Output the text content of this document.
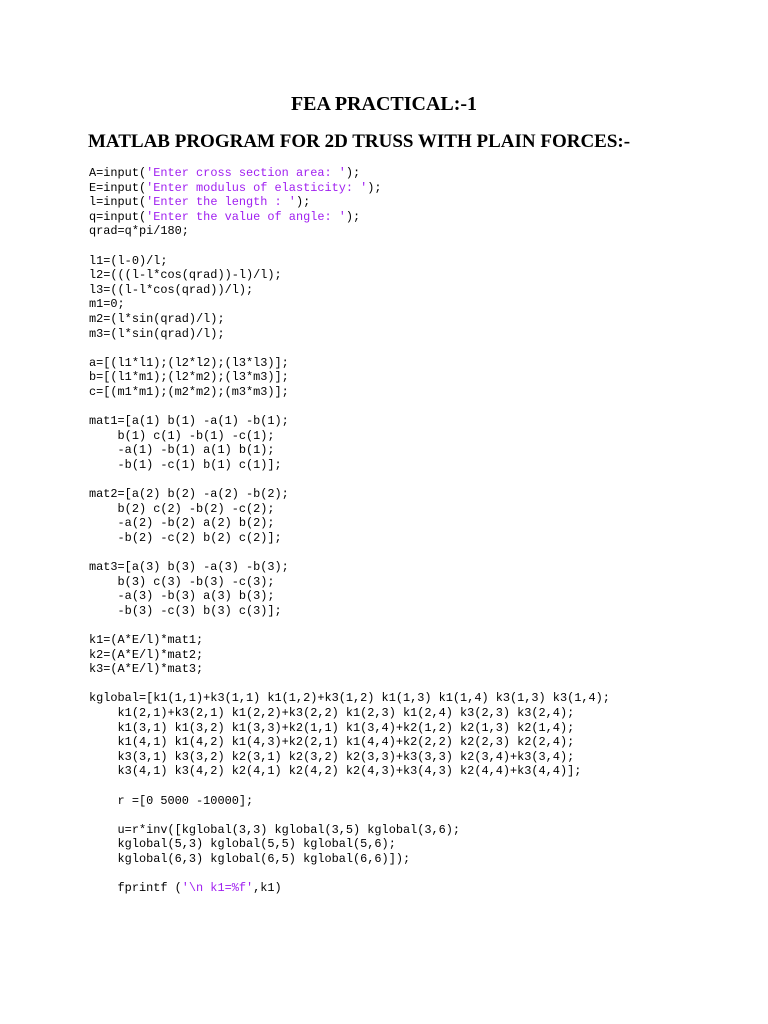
FEA PRACTICAL:-1
MATLAB PROGRAM FOR 2D TRUSS WITH PLAIN FORCES:-
A=input('Enter cross section area: ');
E=input('Enter modulus of elasticity: ');
l=input('Enter the length : ');
q=input('Enter the value of angle: ');
qrad=q*pi/180;
l1=(l-0)/l;
l2=(((l-l*cos(qrad))-l)/l);
l3=((l-l*cos(qrad))/l);
m1=0;
m2=(l*sin(qrad)/l);
m3=(l*sin(qrad)/l);
a=[(l1*l1);(l2*l2);(l3*l3)];
b=[(l1*m1);(l2*m2);(l3*m3)];
c=[(m1*m1);(m2*m2);(m3*m3)];
mat1=[a(1) b(1) -a(1) -b(1);
b(1) c(1) -b(1) -c(1);
-a(1) -b(1) a(1) b(1);
-b(1) -c(1) b(1) c(1)];
mat2=[a(2) b(2) -a(2) -b(2);
b(2) c(2) -b(2) -c(2);
-a(2) -b(2) a(2) b(2);
-b(2) -c(2) b(2) c(2)];
mat3=[a(3) b(3) -a(3) -b(3);
b(3) c(3) -b(3) -c(3);
-a(3) -b(3) a(3) b(3);
-b(3) -c(3) b(3) c(3)];
k1=(A*E/l)*mat1;
k2=(A*E/l)*mat2;
k3=(A*E/l)*mat3;
kglobal=[k1(1,1)+k3(1,1) k1(1,2)+k3(1,2) k1(1,3) k1(1,4) k3(1,3) k3(1,4);
k1(2,1)+k3(2,1) k1(2,2)+k3(2,2) k1(2,3) k1(2,4) k3(2,3) k3(2,4);
k1(3,1) k1(3,2) k1(3,3)+k2(1,1) k1(3,4)+k2(1,2) k2(1,3) k2(1,4);
k1(4,1) k1(4,2) k1(4,3)+k2(2,1) k1(4,4)+k2(2,2) k2(2,3) k2(2,4);
k3(3,1) k3(3,2) k2(3,1) k2(3,2) k2(3,3)+k3(3,3) k2(3,4)+k3(3,4);
k3(4,1) k3(4,2) k2(4,1) k2(4,2) k2(4,3)+k3(4,3) k2(4,4)+k3(4,4)];
r =[0 5000 -10000];
u=r*inv([kglobal(3,3) kglobal(3,5) kglobal(3,6);
kglobal(5,3) kglobal(5,5) kglobal(5,6);
kglobal(6,3) kglobal(6,5) kglobal(6,6)]);
fprintf ('\n k1=%f',k1)
